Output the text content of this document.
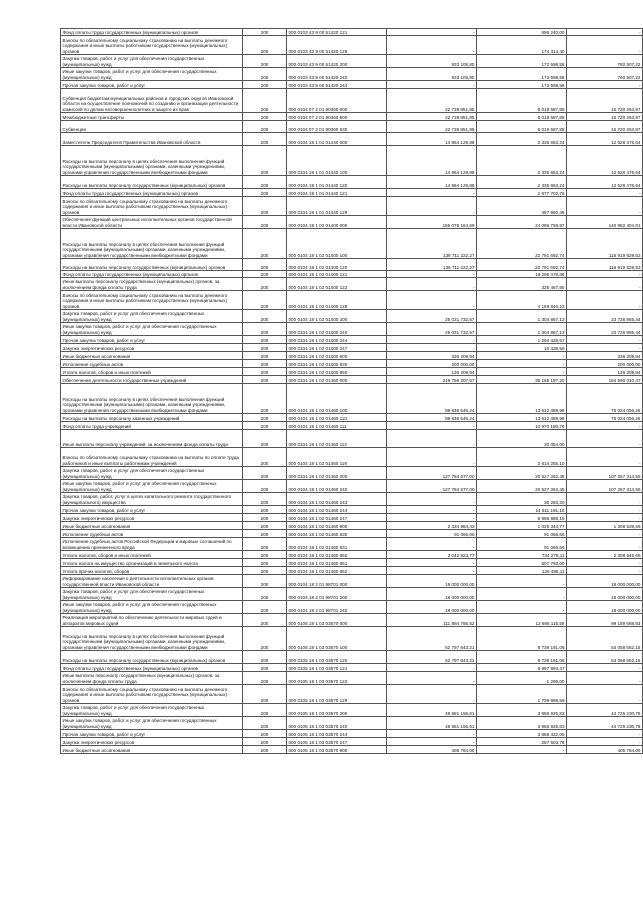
Фонд оплаты труда государственных (муниципальных) органов	200	000 0103 43 9 00 51420 121	-	696 240,00	-
Взносы по обязательному социальному страхованию на выплаты денежного содержания и иные выплаты работникам государственных (муниципальных) органов	200	000 0103 43 9 00 51420 129	-	174 314,40	-
Закупка товаров, работ и услуг для обеспечения государственных (муниципальных) нужд	200	000 0103 43 9 00 51420 200	933 105,80	172 598,58	760 507,22
Иные закупки товаров, работ и услуг для обеспечения государственных (муниципальных) нужд	200	000 0103 43 9 00 51420 240	933 105,80	172 598,58	760 507,22
Прочая закупка товаров, работ и услуг	200	000 0103 43 9 00 51420 244	-	172 598,58	-
Субвенция бюджетам муниципальных районов и городских округов Ивановской области на осуществление полномочий по созданию и организации деятельности комиссий по делам несовершеннолетних и защите их прав	200	000 0104 07 2 01 80360 000	22 739 851,85	6 019 587,88	16 720 263,97
Межбюджетные трансферты	200	000 0104 07 2 01 80360 500	22 739 851,85	6 019 587,88	16 720 263,97
Субвенции	200	000 0104 07 2 01 80360 530	22 739 851,85	6 019 587,88	16 720 263,97
Заместители Председателя Правительства Ивановской области	200	000 0104 18 1 01 01440 000	14 864 129,88	2 335 653,24	12 528 476,64
Расходы на выплаты персоналу в целях обеспечения выполнения функций государственными (муниципальными) органами, казенными учреждениями, органами управления государственными внебюджетными фондами	200	000 0104 18 1 01 01440 100	14 864 129,88	2 335 653,24	12 528 476,64
Расходы на выплаты персоналу государственных (муниципальных) органов	200	000 0104 18 1 01 01440 120	14 864 129,88	2 335 653,24	12 528 476,64
Фонд оплаты труда государственных (муниципальных) органов	200	000 0104 18 1 01 01440 121	-	1 877 702,75	-
Взносы по обязательному социальному страхованию на выплаты денежного содержания и иные выплаты работникам государственных (муниципальных) органов	200	000 0104 18 1 01 01440 129	-	457 950,49	-
Обеспечение функций центральных исполнительных органов государственной власти Ивановской области	200	000 0104 18 1 02 01400 000	165 078 164,68	24 096 759,87	140 982 404,81
Расходы на выплаты персоналу в целях обеспечения выполнения функций государственными (муниципальными) органами, казенными учреждениями, органами управления государственными внебюджетными фондами	200	000 0104 18 1 02 01400 100	139 711 222,27	22 791 692,74	116 919 529,53
Расходы на выплаты персоналу государственных (муниципальных) органов	200	000 0104 18 1 02 01400 120	139 711 222,27	22 791 692,74	116 919 529,53
Фонд оплаты труда государственных (муниципальных) органов	200	000 0104 18 1 02 01400 121	-	18 296 478,86	-
Иные выплаты персоналу государственных (муниципальных) органов, за исключением фонда оплаты труда	200	000 0104 18 1 02 01400 122	-	325 467,80	-
Взносы по обязательному социальному страхованию на выплаты денежного содержания и иные выплаты работникам государственных (муниципальных) органов	200	000 0104 18 1 02 01400 129	-	4 169 846,23	-
Закупка товаров, работ и услуг для обеспечения государственных (муниципальных) нужд	200	000 0104 18 1 02 01400 200	25 031 732,57	1 304 867,13	23 726 865,44
Иные закупки товаров, работ и услуг для обеспечения государственных (муниципальных) нужд	200	000 0104 18 1 02 01400 240	25 031 732,57	1 304 867,13	23 726 865,44
Прочая закупка товаров, работ и услуг	200	000 0104 18 1 02 01400 244	-	1 294 428,57	-
Закупка энергетических ресурсов	200	000 0104 18 1 02 01400 247	-	10 438,56	-
Иные бюджетные ассигнования	200	000 0104 18 1 02 01400 800	336 209,84	-	336 209,84
Исполнение судебных актов	200	000 0104 18 1 02 01400 830	200 000,00	-	200 000,00
Уплата налогов, сборов и иных платежей	200	000 0104 18 1 02 01400 850	136 209,84	-	136 209,84
Обеспечение деятельности государственных учреждений	200	000 0104 18 1 02 01460 000	219 756 207,67	35 165 197,20	184 590 010,47
Расходы на выплаты персоналу в целях обеспечения выполнения функций государственными (муниципальными) органами, казенными учреждениями, органами управления государственными внебюджетными фондами	200	000 0104 18 1 02 01460 100	89 636 546,24	13 612 489,98	76 024 056,26
Расходы на выплаты персоналу казенных учреждений	200	000 0104 18 1 02 01460 110	89 636 546,24	13 612 489,98	76 024 056,26
Фонд оплаты труда учреждений	200	000 0104 18 1 02 01460 111	-	10 970 180,76	-
Иные выплаты персоналу учреждений, за исключением фонда оплаты труда	200	000 0104 18 1 02 01460 112	-	20 054,00	-
Взносы по обязательному социальному страхованию на выплаты по оплате труда работников и иные выплаты работникам учреждений	200	000 0104 18 1 02 01460 119	-	2 614 255,10	-
Закупка товаров, работ и услуг для обеспечения государственных (муниципальных) нужд	200	000 0104 18 1 02 01460 200	127 784 677,00	20 527 362,45	107 257 314,55
Иные закупки товаров, работ и услуг для обеспечения государственных (муниципальных) нужд	200	000 0104 18 1 02 01460 240	127 784 677,00	20 527 362,45	107 257 314,55
Закупка товаров, работ, услуг в целях капитального ремонта государственного (муниципального) имущества	200	000 0104 18 1 02 01460 243	-	30 283,20	-
Прочая закупка товаров, работ и услуг	200	000 0104 18 1 02 01460 244	-	14 511 191,10	-
Закупка энергетических ресурсов	200	000 0104 18 1 02 01460 247	-	5 985 888,15	-
Иные бюджетные ассигнования	200	000 0104 18 1 02 01460 800	2 334 984,43	1 025 344,77	1 308 539,66
Исполнение судебных актов	200	000 0104 18 1 02 01460 830	91 066,66	91 066,66	-
Исполнение судебных актов Российской Федерации и мировых соглашений по возмещению причиненного вреда	200	000 0104 18 1 02 01460 831	-	91 066,66	-
Уплата налогов, сборов и иных платежей	200	000 0104 18 1 02 01460 850	3 042 923,77	734 278,11	2 308 645,66
Уплата налога на имущество организаций и земельного налога	200	000 0104 18 1 02 01460 851	-	607 793,00	-
Уплата прочих налогов, сборов	200	000 0104 18 1 02 01460 852	-	126 485,11	-
Информирование населения о деятельности исполнительных органов государственной власти Ивановской области	200	000 0104 18 2 01 98701 000	18 000 000,00	-	18 000 000,00
Закупка товаров, работ и услуг для обеспечения государственных (муниципальных) нужд	200	000 0104 18 2 01 98701 200	18 000 000,00	-	18 000 000,00
Иные закупки товаров, работ и услуг для обеспечения государственных (муниципальных) нужд	200	000 0104 18 2 01 98701 240	18 000 000,00	-	18 000 000,00
Реализация мероприятий по обеспечению деятельности мировых судей и аппаратов мировых судей	200	000 0105 18 1 03 03570 000	111 884 785,52	12 695 116,59	99 189 668,93
Расходы на выплаты персоналу в целях обеспечения выполнения функций государственными (муниципальными) органами, казенными учреждениями, органами управления государственными внебюджетными фондами	200	000 0105 18 1 03 03570 100	62 797 843,21	8 739 191,06	54 058 652,15
Расходы на выплаты персоналу государственных (муниципальных) органов	200	000 0105 18 1 03 03570 120	62 797 843,21	8 739 191,06	54 058 652,15
Фонд оплаты труда государственных (муниципальных) органов	200	000 0105 18 1 03 03570 121	-	6 997 893,47	-
Иные выплаты персоналу государственных (муниципальных) органов, за исключением фонда оплаты труда	200	000 0105 18 1 03 03570 122	-	1 299,00	-
Взносы по обязательному социальному страхованию на выплаты денежного содержания и иные выплаты работникам государственных (муниципальных) органов	200	000 0105 18 1 03 03570 129	-	1 739 998,59	-
Закупка товаров, работ и услуг для обеспечения государственных (муниципальных) нужд	200	000 0105 18 1 03 03570 200	48 681 156,61	3 955 925,83	44 725 230,78
Иные закупки товаров, работ и услуг для обеспечения государственных (муниципальных) нужд	200	000 0105 18 1 03 03570 240	48 681 156,61	3 955 925,83	44 725 230,78
Прочая закупка товаров, работ и услуг	200	000 0105 18 1 03 03570 244	-	3 688 422,05	-
Закупка энергетических ресурсов	200	000 0105 18 1 03 03570 247	-	267 503,78	-
Иные бюджетные ассигнования	200	000 0105 18 1 03 03570 800	405 784,00	-	405 784,00
